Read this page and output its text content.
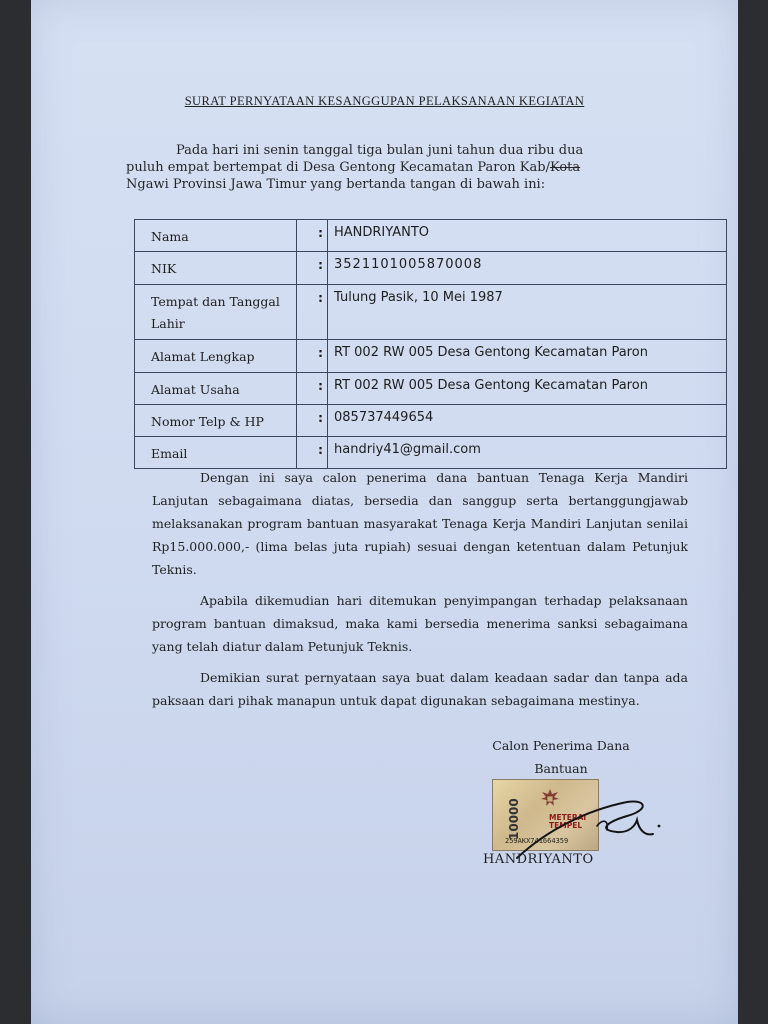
SURAT PERNYATAAN KESANGGUPAN PELAKSANAAN KEGIATAN

Pada hari ini senin tanggal tiga bulan juni tahun dua ribu dua

puluh empat bertempat di Desa Gentong Kecamatan Paron Kab/Kota

Ngawi Provinsi Jawa Timur yang bertanda tangan di bawah ini:

Nama	:	HANDRIYANTO
NIK	:	3521101005870008
Tempat dan Tanggal Lahir	:	Tulung Pasik, 10 Mei 1987
Alamat Lengkap	:	RT 002 RW 005 Desa Gentong Kecamatan Paron
Alamat Usaha	:	RT 002 RW 005 Desa Gentong Kecamatan Paron
Nomor Telp & HP	:	085737449654
Email	:	handriy41@gmail.com

Dengan ini saya calon penerima dana bantuan Tenaga Kerja Mandiri Lanjutan sebagaimana diatas, bersedia dan sanggup serta bertanggungjawab melaksanakan program bantuan masyarakat Tenaga Kerja Mandiri Lanjutan senilai Rp15.000.000,- (lima belas juta rupiah) sesuai dengan ketentuan dalam Petunjuk Teknis.

Apabila dikemudian hari ditemukan penyimpangan terhadap pelaksanaan program bantuan dimaksud, maka kami bersedia menerima sanksi sebagaimana yang telah diatur dalam Petunjuk Teknis.

Demikian surat pernyataan saya buat dalam keadaan sadar dan tanpa ada paksaan dari pihak manapun untuk dapat digunakan sebagaimana mestinya.

Calon Penerima Dana
Bantuan
10000	METERAI
TEMPEL
259AKX741664359
HANDRIYANTO
